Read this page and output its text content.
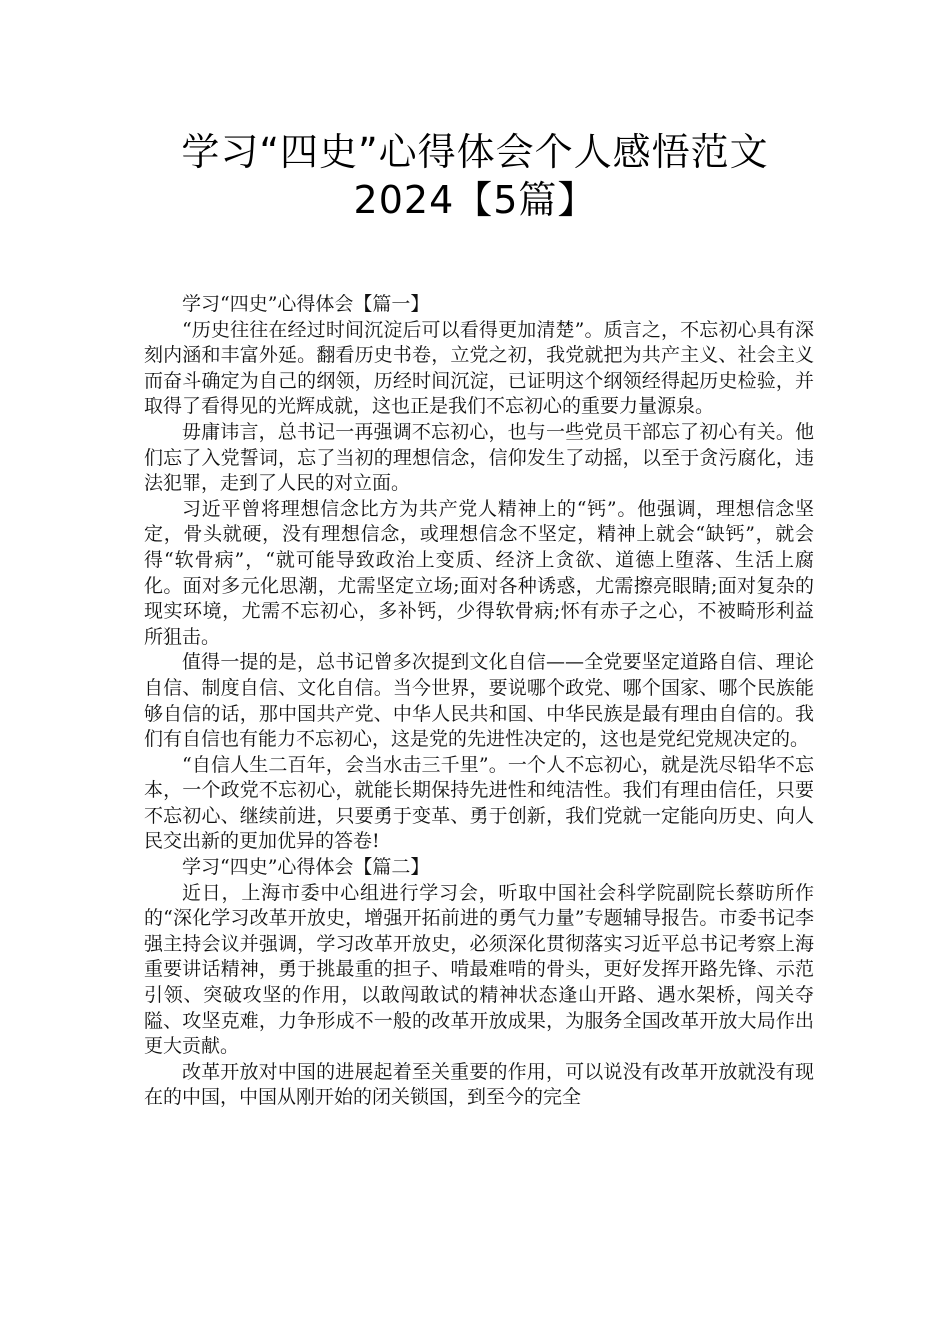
学习“四史”心得体会个人感悟范文
2024【5篇】

学习“四史”心得体会【篇一】

“历史往往在经过时间沉淀后可以看得更加清楚”。质言之，不忘初心具有深刻内涵和丰富外延。翻看历史书卷，立党之初，我党就把为共产主义、社会主义而奋斗确定为自己的纲领，历经时间沉淀，已证明这个纲领经得起历史检验，并取得了看得见的光辉成就，这也正是我们不忘初心的重要力量源泉。

毋庸讳言，总书记一再强调不忘初心，也与一些党员干部忘了初心有关。他们忘了入党誓词，忘了当初的理想信念，信仰发生了动摇，以至于贪污腐化，违法犯罪，走到了人民的对立面。

习近平曾将理想信念比方为共产党人精神上的“钙”。他强调，理想信念坚定，骨头就硬，没有理想信念，或理想信念不坚定，精神上就会“缺钙”，就会得“软骨病”，“就可能导致政治上变质、经济上贪欲、道德上堕落、生活上腐化。面对多元化思潮，尤需坚定立场;面对各种诱惑，尤需擦亮眼睛;面对复杂的现实环境，尤需不忘初心，多补钙，少得软骨病;怀有赤子之心，不被畸形利益所狙击。

值得一提的是，总书记曾多次提到文化自信——全党要坚定道路自信、理论自信、制度自信、文化自信。当今世界，要说哪个政党、哪个国家、哪个民族能够自信的话，那中国共产党、中华人民共和国、中华民族是最有理由自信的。我们有自信也有能力不忘初心，这是党的先进性决定的，这也是党纪党规决定的。

“自信人生二百年，会当水击三千里”。一个人不忘初心，就是洗尽铅华不忘本，一个政党不忘初心，就能长期保持先进性和纯洁性。我们有理由信任，只要不忘初心、继续前进，只要勇于变革、勇于创新，我们党就一定能向历史、向人民交出新的更加优异的答卷!

学习“四史”心得体会【篇二】

近日，上海市委中心组进行学习会，听取中国社会科学院副院长蔡昉所作的“深化学习改革开放史，增强开拓前进的勇气力量”专题辅导报告。市委书记李强主持会议并强调，学习改革开放史，必须深化贯彻落实习近平总书记考察上海重要讲话精神，勇于挑最重的担子、啃最难啃的骨头，更好发挥开路先锋、示范引领、突破攻坚的作用，以敢闯敢试的精神状态逢山开路、遇水架桥，闯关夺隘、攻坚克难，力争形成不一般的改革开放成果，为服务全国改革开放大局作出更大贡献。

改革开放对中国的进展起着至关重要的作用，可以说没有改革开放就没有现在的中国，中国从刚开始的闭关锁国，到至今的完全
